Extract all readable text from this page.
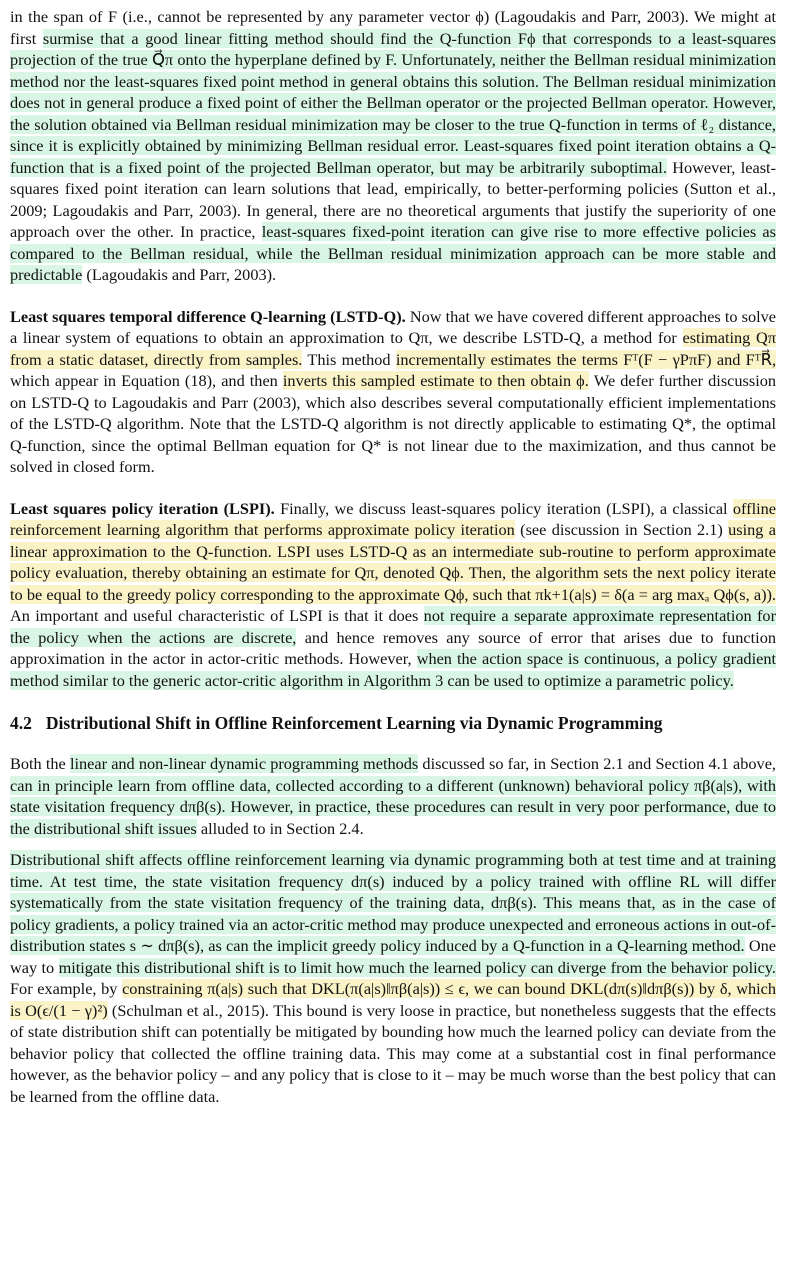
in the span of F (i.e., cannot be represented by any parameter vector ϕ) (Lagoudakis and Parr, 2003). We might at first surmise that a good linear fitting method should find the Q-function Fϕ that corresponds to a least-squares projection of the true Q⃗π onto the hyperplane defined by F. Unfortunately, neither the Bellman residual minimization method nor the least-squares fixed point method in general obtains this solution. The Bellman residual minimization does not in general produce a fixed point of either the Bellman operator or the projected Bellman operator. However, the solution obtained via Bellman residual minimization may be closer to the true Q-function in terms of ℓ₂ distance, since it is explicitly obtained by minimizing Bellman residual error. Least-squares fixed point iteration obtains a Q-function that is a fixed point of the projected Bellman operator, but may be arbitrarily suboptimal. However, least-squares fixed point iteration can learn solutions that lead, empirically, to better-performing policies (Sutton et al., 2009; Lagoudakis and Parr, 2003). In general, there are no theoretical arguments that justify the superiority of one approach over the other. In practice, least-squares fixed-point iteration can give rise to more effective policies as compared to the Bellman residual, while the Bellman residual minimization approach can be more stable and predictable (Lagoudakis and Parr, 2003).

Least squares temporal difference Q-learning (LSTD-Q). Now that we have covered different approaches to solve a linear system of equations to obtain an approximation to Qπ, we describe LSTD-Q, a method for estimating Qπ from a static dataset, directly from samples. This method incrementally estimates the terms Fᵀ(F − γPπF) and FᵀR⃗, which appear in Equation (18), and then inverts this sampled estimate to then obtain ϕ. We defer further discussion on LSTD-Q to Lagoudakis and Parr (2003), which also describes several computationally efficient implementations of the LSTD-Q algorithm. Note that the LSTD-Q algorithm is not directly applicable to estimating Q*, the optimal Q-function, since the optimal Bellman equation for Q* is not linear due to the maximization, and thus cannot be solved in closed form.

Least squares policy iteration (LSPI). Finally, we discuss least-squares policy iteration (LSPI), a classical offline reinforcement learning algorithm that performs approximate policy iteration (see discussion in Section 2.1) using a linear approximation to the Q-function. LSPI uses LSTD-Q as an intermediate sub-routine to perform approximate policy evaluation, thereby obtaining an estimate for Qπ, denoted Qϕ. Then, the algorithm sets the next policy iterate to be equal to the greedy policy corresponding to the approximate Qϕ, such that πk+1(a|s) = δ(a = arg maxₐ Qϕ(s, a)). An important and useful characteristic of LSPI is that it does not require a separate approximate representation for the policy when the actions are discrete, and hence removes any source of error that arises due to function approximation in the actor in actor-critic methods. However, when the action space is continuous, a policy gradient method similar to the generic actor-critic algorithm in Algorithm 3 can be used to optimize a parametric policy.

4.2 Distributional Shift in Offline Reinforcement Learning via Dynamic Programming

Both the linear and non-linear dynamic programming methods discussed so far, in Section 2.1 and Section 4.1 above, can in principle learn from offline data, collected according to a different (unknown) behavioral policy πβ(a|s), with state visitation frequency dπβ(s). However, in practice, these procedures can result in very poor performance, due to the distributional shift issues alluded to in Section 2.4.

Distributional shift affects offline reinforcement learning via dynamic programming both at test time and at training time. At test time, the state visitation frequency dπ(s) induced by a policy trained with offline RL will differ systematically from the state visitation frequency of the training data, dπβ(s). This means that, as in the case of policy gradients, a policy trained via an actor-critic method may produce unexpected and erroneous actions in out-of-distribution states s ∼ dπβ(s), as can the implicit greedy policy induced by a Q-function in a Q-learning method. One way to mitigate this distributional shift is to limit how much the learned policy can diverge from the behavior policy. For example, by constraining π(a|s) such that DKL(π(a|s)‖πβ(a|s)) ≤ ϵ, we can bound DKL(dπ(s)‖dπβ(s)) by δ, which is O(ϵ/(1 − γ)²) (Schulman et al., 2015). This bound is very loose in practice, but nonetheless suggests that the effects of state distribution shift can potentially be mitigated by bounding how much the learned policy can deviate from the behavior policy that collected the offline training data. This may come at a substantial cost in final performance however, as the behavior policy – and any policy that is close to it – may be much worse than the best policy that can be learned from the offline data.
